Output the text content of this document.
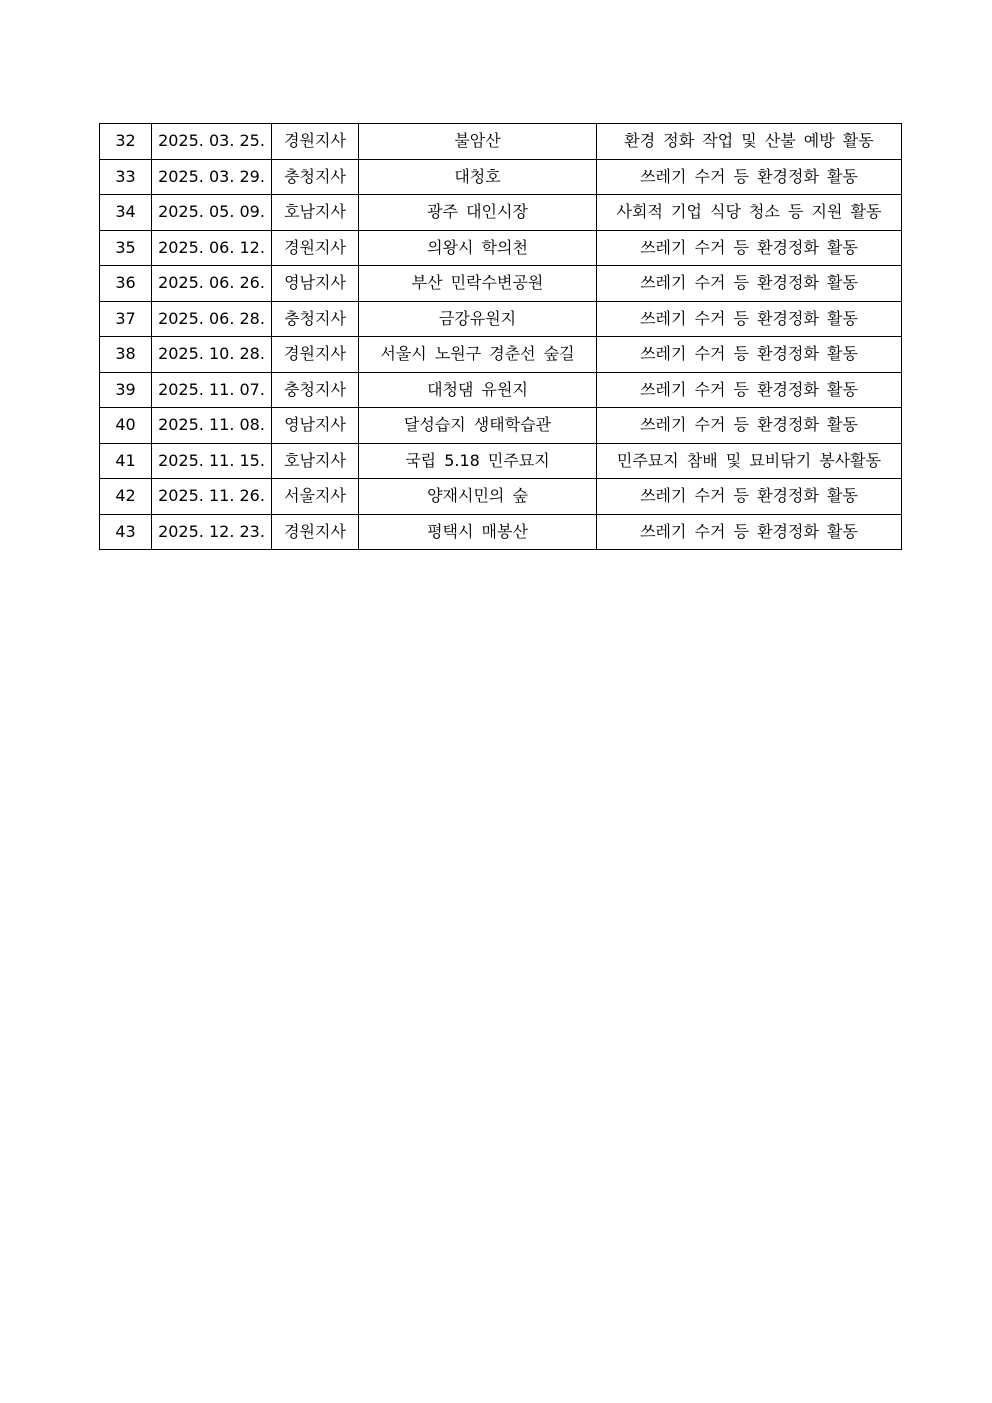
32	2025. 03. 25.	경원지사	불암산	환경 정화 작업 및 산불 예방 활동
33	2025. 03. 29.	충청지사	대청호	쓰레기 수거 등 환경정화 활동
34	2025. 05. 09.	호남지사	광주 대인시장	사회적 기업 식당 청소 등 지원 활동
35	2025. 06. 12.	경원지사	의왕시 학의천	쓰레기 수거 등 환경정화 활동
36	2025. 06. 26.	영남지사	부산 민락수변공원	쓰레기 수거 등 환경정화 활동
37	2025. 06. 28.	충청지사	금강유원지	쓰레기 수거 등 환경정화 활동
38	2025. 10. 28.	경원지사	서울시 노원구 경춘선 숲길	쓰레기 수거 등 환경정화 활동
39	2025. 11. 07.	충청지사	대청댐 유원지	쓰레기 수거 등 환경정화 활동
40	2025. 11. 08.	영남지사	달성습지 생태학습관	쓰레기 수거 등 환경정화 활동
41	2025. 11. 15.	호남지사	국립 5.18 민주묘지	민주묘지 참배 및 묘비닦기 봉사활동
42	2025. 11. 26.	서울지사	양재시민의 숲	쓰레기 수거 등 환경정화 활동
43	2025. 12. 23.	경원지사	평택시 매봉산	쓰레기 수거 등 환경정화 활동
